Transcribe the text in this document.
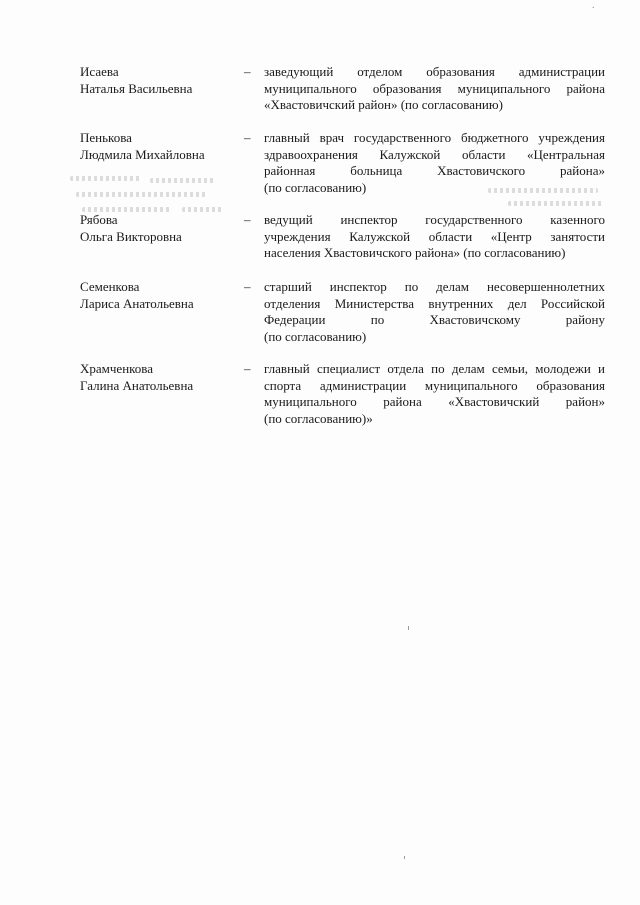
.
Исаева
Наталья Васильевна
– заведующий отделом образования администрации
муниципального образования муниципального района
«Хвастовичский район» (по согласованию)
Пенькова
Людмила Михайловна
– главный врач государственного бюджетного учреждения
здравоохранения Калужской области «Центральная
районная больница Хвастовичского района»
(по согласованию)
Рябова
Ольга Викторовна
– ведущий инспектор государственного казенного
учреждения Калужской области «Центр занятости
населения Хвастовичского района» (по согласованию)
Семенкова
Лариса Анатольевна
– старший инспектор по делам несовершеннолетних
отделения Министерства внутренних дел Российской
Федерации по Хвастовичскому району
(по согласованию)
Храмченкова
Галина Анатольевна
– главный специалист отдела по делам семьи, молодежи и
спорта администрации муниципального образования
муниципального района «Хвастовичский район»
(по согласованию)»
